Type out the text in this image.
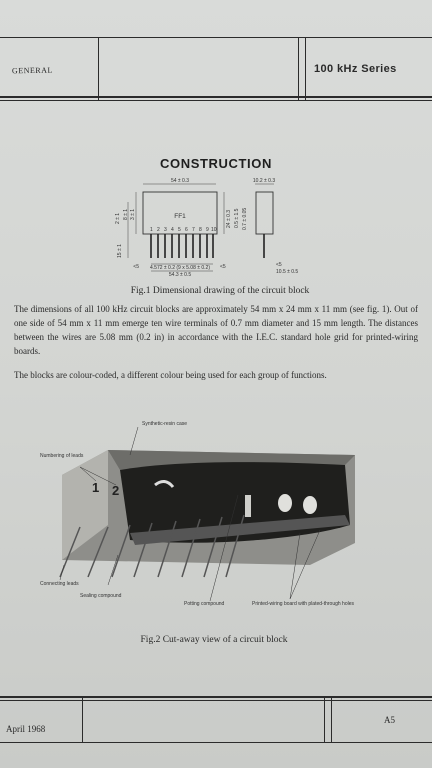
GENERAL	100 kHz Series
CONSTRUCTION
54 ± 0.3	10.2 ± 0.3
FF1
1 2 3 4 5 6 7 8 9 10
2 ± 1 8 ± 1 3 ± 1
15 ± 1
24 ± 0.3 0.5 ± 1.5 0.7 ± 0.05
4.572 ± 0.2 (9 x 5.08 ± 0.2)
54.3 ± 0.5
<5	<5	<5
10.5 ± 0.5
Fig.1 Dimensional drawing of the circuit block
The dimensions of all 100 kHz circuit blocks are approximately 54 mm x 24 mm x 11 mm (see fig. 1). Out of one side of 54 mm x 11 mm emerge ten wire terminals of 0.7 mm diameter and 15 mm length. The distances between the wires are 5.08 mm (0.2 in) in accordance with the I.E.C. standard hole grid for printed-wiring boards.
The blocks are colour-coded, a different colour being used for each group of functions.
1 2
Synthetic-resin case
Numbering of leads
Connecting leads
Sealing compound
Potting compound	Printed-wiring board with plated-through holes
Fig.2 Cut-away view of a circuit block
April 1968
A5
